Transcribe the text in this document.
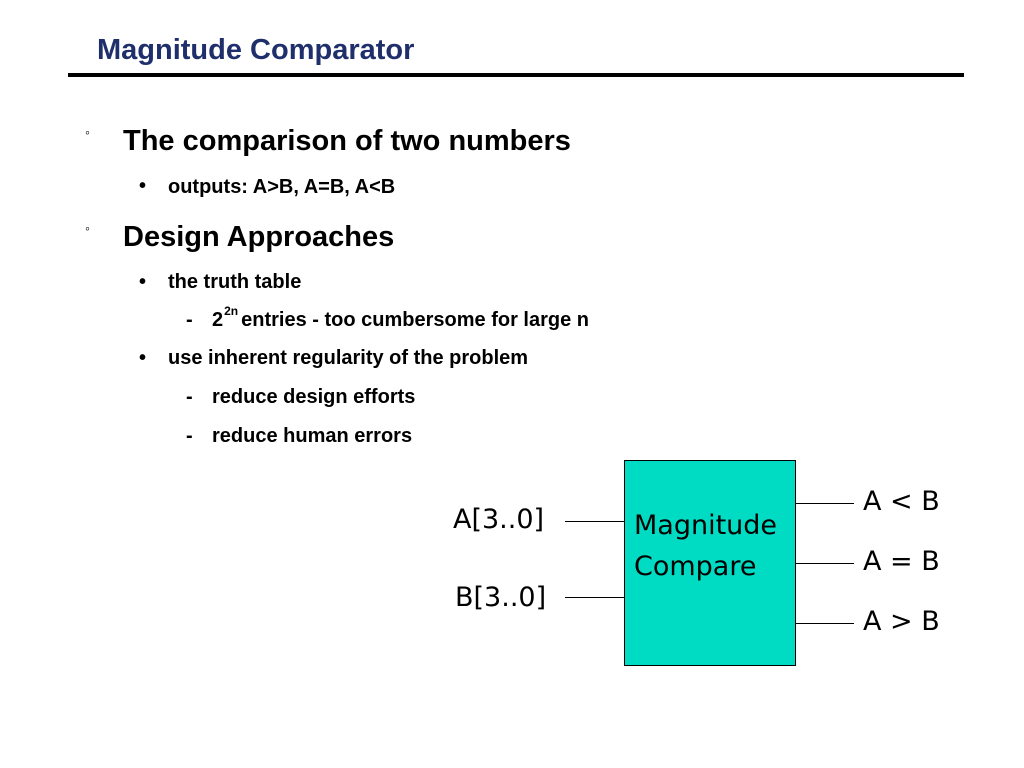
Magnitude Comparator
◦ The comparison of two numbers
• outputs: A>B, A=B, A<B
◦ Design Approaches
• the truth table
- $2^{2n}$ entries - too cumbersome for large n
• use inherent regularity of the problem
- reduce design efforts
- reduce human errors
Magnitude
Compare
A[3..0]
B[3..0]
A < B
A = B
A > B
